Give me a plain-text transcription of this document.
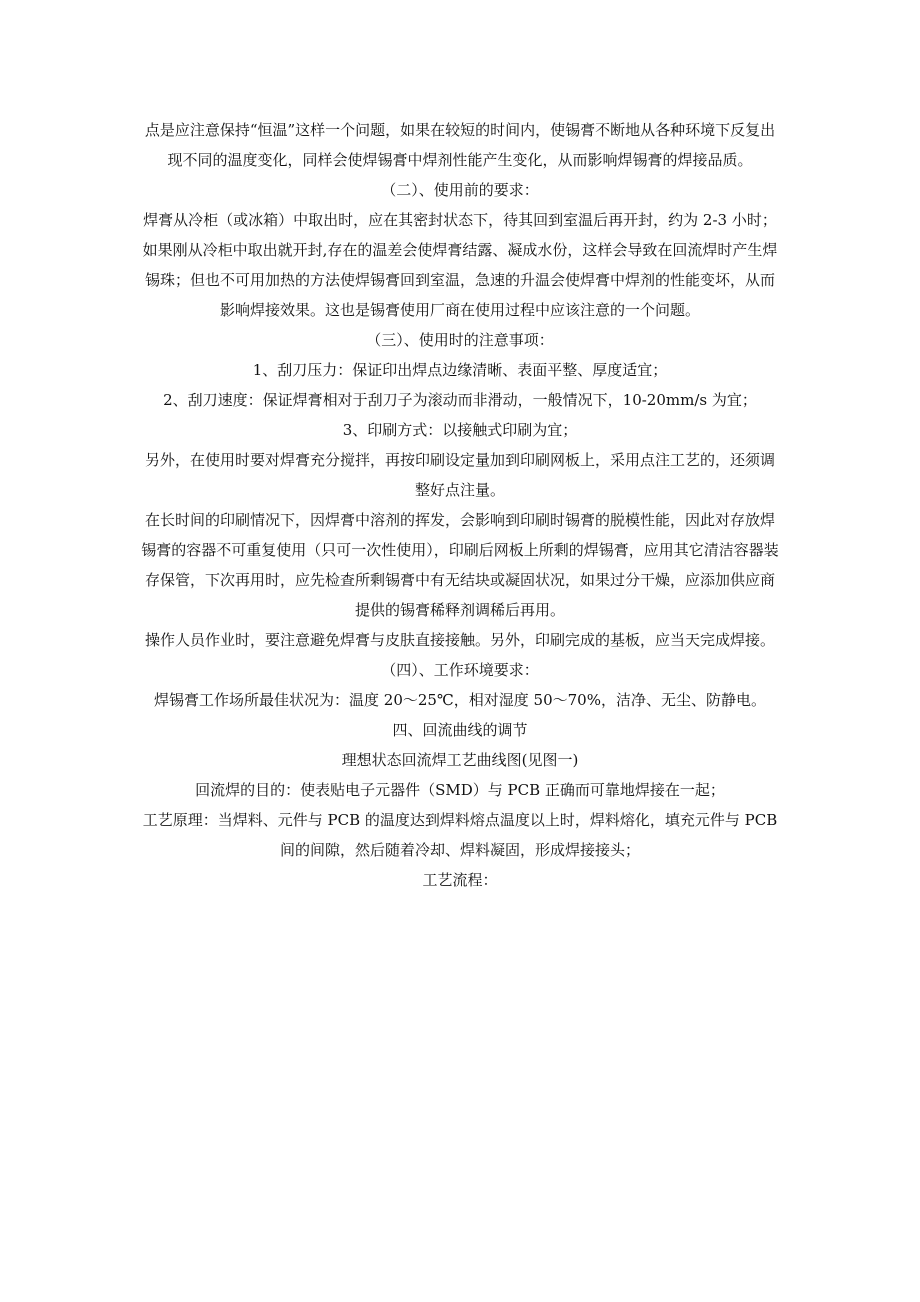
点是应注意保持“恒温”这样一个问题，如果在较短的时间内，使锡膏不断地从各种环境下反复出现不同的温度变化，同样会使焊锡膏中焊剂性能产生变化，从而影响焊锡膏的焊接品质。

（二）、使用前的要求：

焊膏从冷柜（或冰箱）中取出时，应在其密封状态下，待其回到室温后再开封，约为 2-3 小时；如果刚从冷柜中取出就开封,存在的温差会使焊膏结露、凝成水份，这样会导致在回流焊时产生焊锡珠；但也不可用加热的方法使焊锡膏回到室温，急速的升温会使焊膏中焊剂的性能变坏，从而影响焊接效果。这也是锡膏使用厂商在使用过程中应该注意的一个问题。

（三）、使用时的注意事项：

1、刮刀压力：保证印出焊点边缘清晰、表面平整、厚度适宜；

2、刮刀速度：保证焊膏相对于刮刀子为滚动而非滑动，一般情况下，10-20mm/s 为宜；

3、印刷方式：以接触式印刷为宜；

另外，在使用时要对焊膏充分搅拌，再按印刷设定量加到印刷网板上，采用点注工艺的，还须调整好点注量。

在长时间的印刷情况下，因焊膏中溶剂的挥发，会影响到印刷时锡膏的脱模性能，因此对存放焊锡膏的容器不可重复使用（只可一次性使用），印刷后网板上所剩的焊锡膏，应用其它清洁容器装存保管，下次再用时，应先检查所剩锡膏中有无结块或凝固状况，如果过分干燥，应添加供应商提供的锡膏稀释剂调稀后再用。

操作人员作业时，要注意避免焊膏与皮肤直接接触。另外，印刷完成的基板，应当天完成焊接。

（四）、工作环境要求：

焊锡膏工作场所最佳状况为：温度 20～25℃，相对湿度 50～70%，洁净、无尘、防静电。

四、回流曲线的调节

理想状态回流焊工艺曲线图(见图一)

回流焊的目的：使表贴电子元器件（SMD）与 PCB 正确而可靠地焊接在一起；

工艺原理：当焊料、元件与 PCB 的温度达到焊料熔点温度以上时，焊料熔化，填充元件与 PCB 间的间隙，然后随着冷却、焊料凝固，形成焊接接头；

工艺流程：
